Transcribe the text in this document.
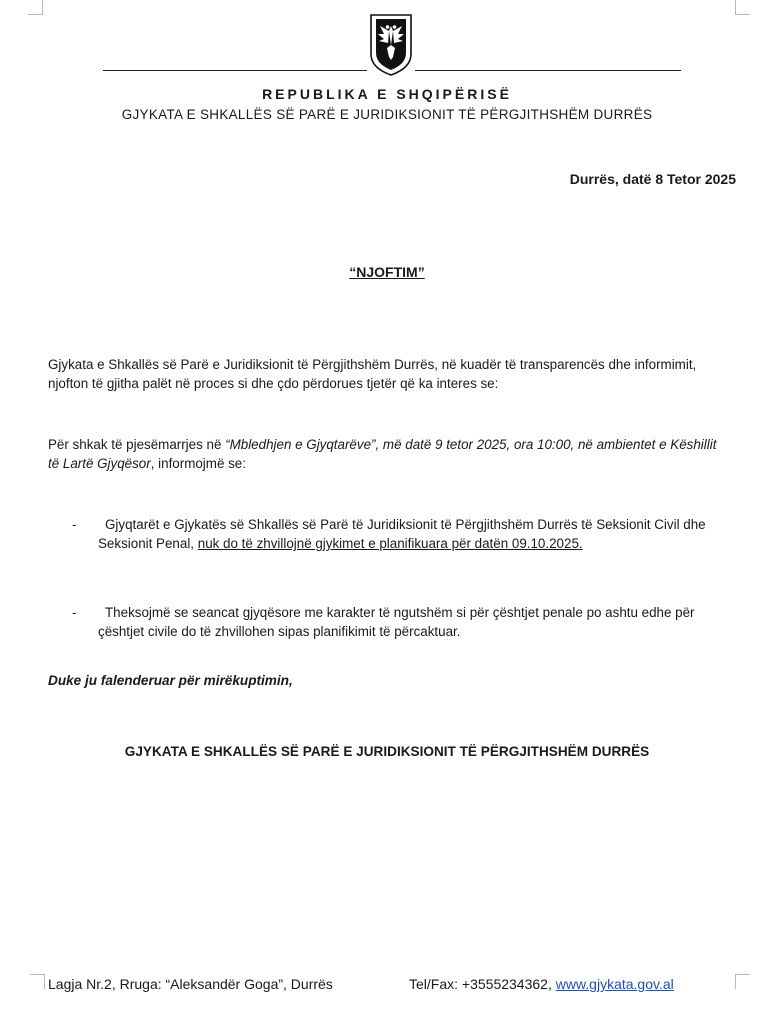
REPUBLIKA E SHQIPËRISË
GJYKATA E SHKALLËS SË PARË E JURIDIKSIONIT TË PËRGJITHSHËM DURRËS
Durrës, datë 8 Tetor 2025
“NJOFTIM”
Gjykata e Shkallës së Parë e Juridiksionit të Përgjithshëm Durrës, në kuadër të transparencës dhe informimit, njofton të gjitha palët në proces si dhe çdo përdorues tjetër që ka interes se:
Për shkak të pjesëmarrjes në “Mbledhjen e Gjyqtarëve”, më datë 9 tetor 2025, ora 10:00, në ambientet e Këshillit të Lartë Gjyqësor, informojmë se:
-	Gjyqtarët e Gjykatës së Shkallës së Parë të Juridiksionit të Përgjithshëm Durrës të Seksionit Civil dhe Seksionit Penal, nuk do të zhvillojnë gjykimet e planifikuara për datën 09.10.2025.
-	Theksojmë se seancat gjyqësore me karakter të ngutshëm si për çështjet penale po ashtu edhe për çështjet civile do të zhvillohen sipas planifikimit të përcaktuar.
Duke ju falenderuar për mirëkuptimin,
GJYKATA E SHKALLËS SË PARË E JURIDIKSIONIT TË PËRGJITHSHËM DURRËS
Lagja Nr.2, Rruga: “Aleksandër Goga”, Durrës	Tel/Fax: +3555234362, www.gjykata.gov.al
